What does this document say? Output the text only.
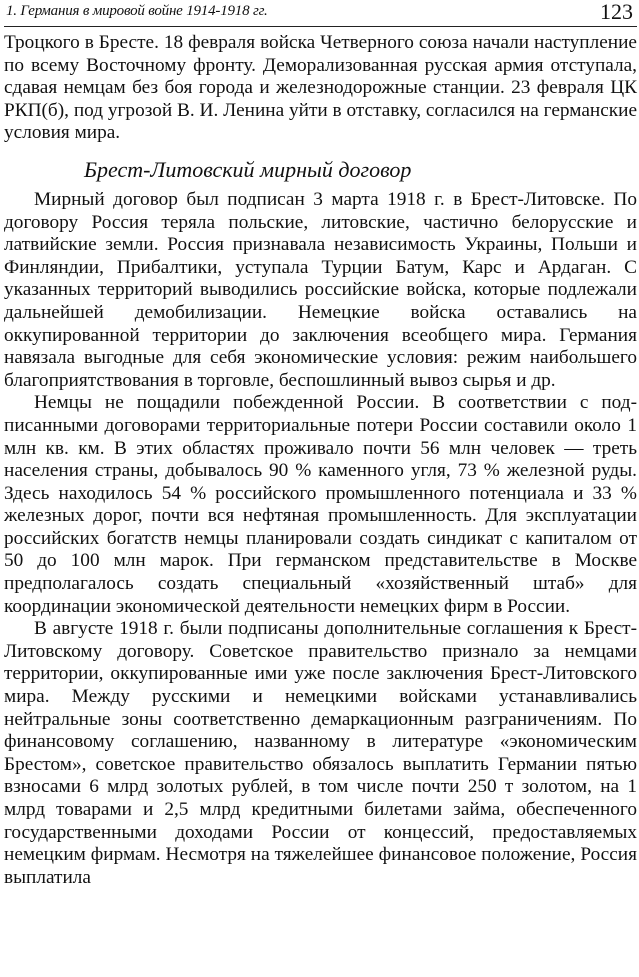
1. Германия в мировой войне 1914-1918 гг.	123

Троцкого в Бресте. 18 февраля войска Четверного союза начали наступление по всему Восточному фронту. Деморализованная русская армия отступала, сдавая немцам без боя города и железнодорожные станции. 23 февраля ЦК РКП(б), под угрозой В. И. Ленина уйти в отставку, согласился на германские условия мира.

Брест-Литовский мирный договор

Мирный договор был подписан 3 марта 1918 г. в Брест-Литовске. По договору Россия теряла польские, литовские, частично белорусские и латвийские земли. Россия признавала независимость Украины, Польши и Финляндии, Прибалтики, уступала Турции Батум, Карс и Ардаган. С указанных территорий выводились российские войска, которые подлежали дальнейшей демобилизации. Немецкие войска оставались на оккупированной территории до заключения всеобщего мира. Германия навязала выгодные для себя экономические условия: режим наибольшего благоприятствования в торговле, беспошлинный вывоз сырья и др.

Немцы не пощадили побежденной России. В соответствии с подписанными договорами территориальные потери России составили около 1 млн кв. км. В этих областях проживало почти 56 млн человек — треть населения страны, добывалось 90 % каменного угля, 73 % железной руды. Здесь находилось 54 % российского промышленного потенциала и 33 % железных дорог, почти вся нефтяная промышленность. Для эксплуатации российских богатств немцы планировали создать синдикат с капиталом от 50 до 100 млн марок. При германском представительстве в Москве предполагалось создать специальный «хозяйственный штаб» для координации экономической деятельности немецких фирм в России.

В августе 1918 г. были подписаны дополнительные соглашения к Брест-Литовскому договору. Советское правительство признало за немцами территории, оккупированные ими уже после заключения Брест-Литовского мира. Между русскими и немецкими войсками устанавливались нейтральные зоны соответственно демаркационным разграничениям. По финансовому соглашению, названному в литературе «экономическим Брестом», советское правительство обязалось выплатить Германии пятью взносами 6 млрд золотых рублей, в том числе почти 250 т золотом, на 1 млрд товарами и 2,5 млрд кредитными билетами займа, обеспеченного государственными доходами России от концессий, предоставляемых немецким фирмам. Несмотря на тяжелейшее финансовое положение, Россия выплатила
